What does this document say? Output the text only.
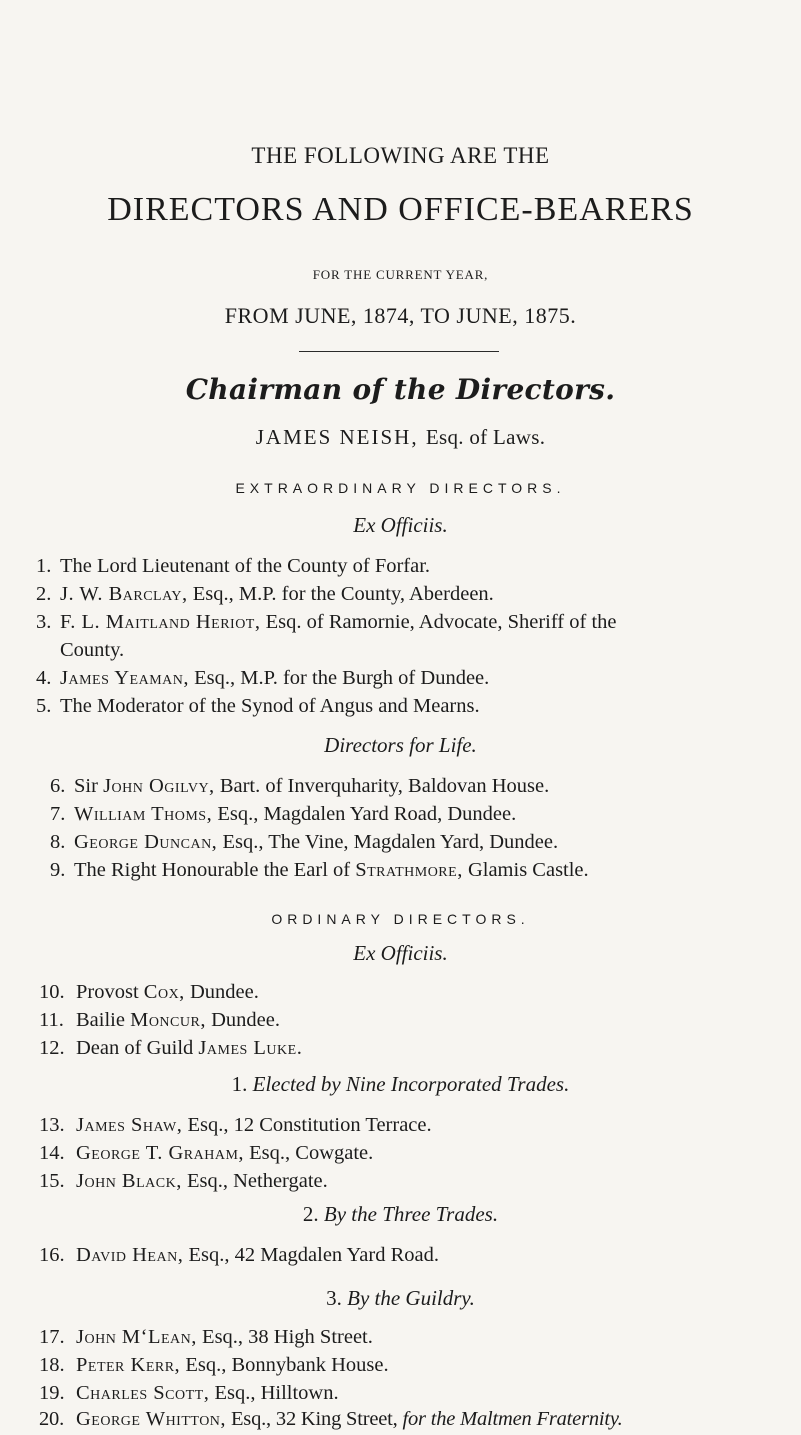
THE FOLLOWING ARE THE
DIRECTORS AND OFFICE-BEARERS
FOR THE CURRENT YEAR,
FROM JUNE, 1874, TO JUNE, 1875.
Chairman of the Directors.
JAMES NEISH, Esq. of Laws.
EXTRAORDINARY DIRECTORS.
Ex Officiis.
1. The Lord Lieutenant of the County of Forfar.
2. J. W. Barclay, Esq., M.P. for the County, Aberdeen.
3. F. L. Maitland Heriot, Esq. of Ramornie, Advocate, Sheriff of the
County.
4. James Yeaman, Esq., M.P. for the Burgh of Dundee.
5. The Moderator of the Synod of Angus and Mearns.
Directors for Life.
6. Sir John Ogilvy, Bart. of Inverquharity, Baldovan House.
7. William Thoms, Esq., Magdalen Yard Road, Dundee.
8. George Duncan, Esq., The Vine, Magdalen Yard, Dundee.
9. The Right Honourable the Earl of Strathmore, Glamis Castle.
ORDINARY DIRECTORS.
Ex Officiis.
10. Provost Cox, Dundee.
11. Bailie Moncur, Dundee.
12. Dean of Guild James Luke.
1. Elected by Nine Incorporated Trades.
13. James Shaw, Esq., 12 Constitution Terrace.
14. George T. Graham, Esq., Cowgate.
15. John Black, Esq., Nethergate.
2. By the Three Trades.
16. David Hean, Esq., 42 Magdalen Yard Road.
3. By the Guildry.
17. John M‘Lean, Esq., 38 High Street.
18. Peter Kerr, Esq., Bonnybank House.
19. Charles Scott, Esq., Hilltown.
20. George Whitton, Esq., 32 King Street, for the Maltmen Fraternity.
